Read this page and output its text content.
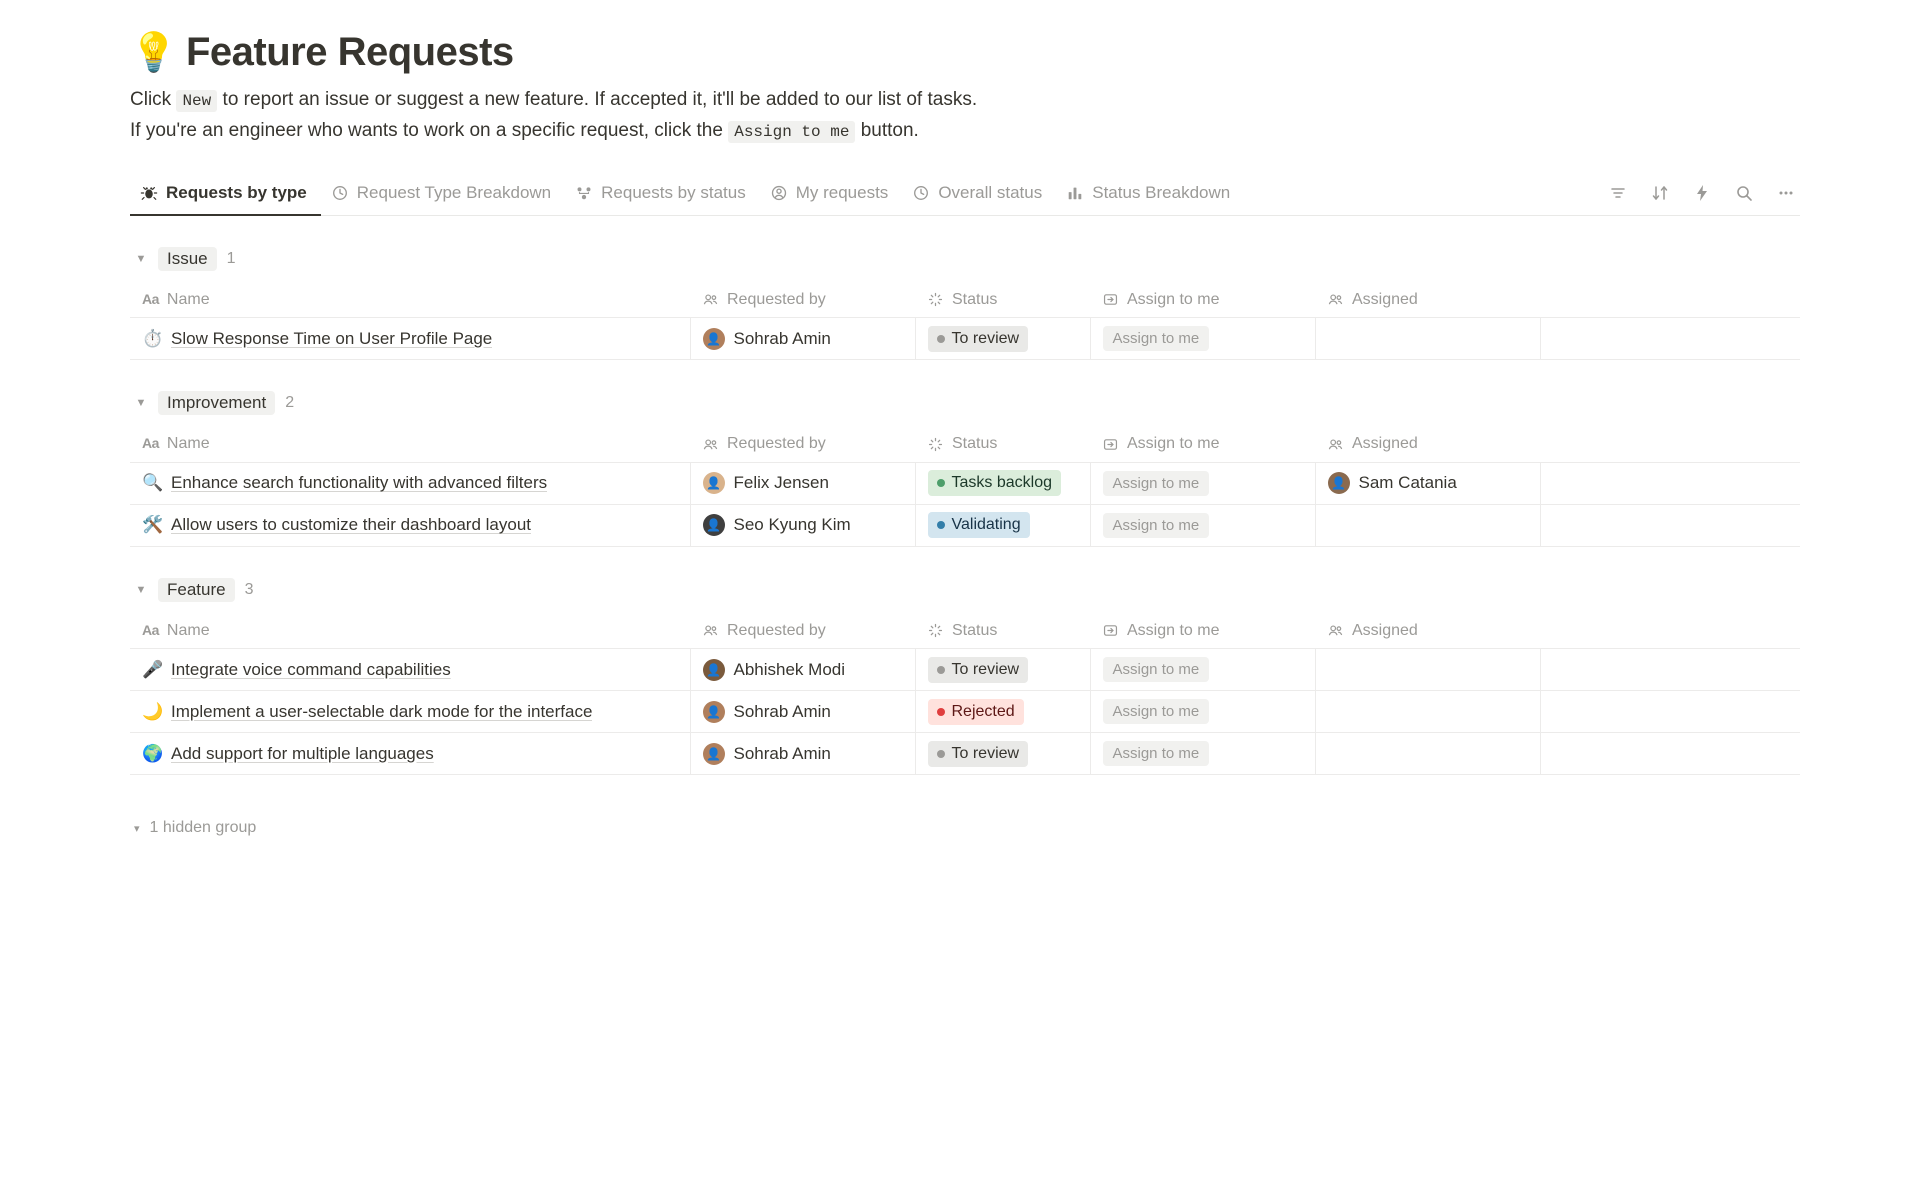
💡 Feature Requests

Click New to report an issue or suggest a new feature. If accepted it, it'll be added to our list of tasks.

If you're an engineer who wants to work on a specific request, click the Assign to me button.

Requests by type	Request Type Breakdown	Requests by status	My requests	Overall status	Status Breakdown
▼	Issue	1
Aa Name	Requested by	Status	Assign to me	Assigned	

⏱️ Slow Response Time on User Profile Page	👤 Sohrab Amin	To review	Assign to me		
▼	Improvement	2
Aa Name	Requested by	Status	Assign to me	Assigned	

🔍 Enhance search functionality with advanced filters	👤 Felix Jensen	Tasks backlog	Assign to me	👤 Sam Catania	

🛠️ Allow users to customize their dashboard layout	👤 Seo Kyung Kim	Validating	Assign to me		
▼	Feature	3
Aa Name	Requested by	Status	Assign to me	Assigned	

🎤 Integrate voice command capabilities	👤 Abhishek Modi	To review	Assign to me		

🌙 Implement a user-selectable dark mode for the interface	👤 Sohrab Amin	Rejected	Assign to me		

🌍 Add support for multiple languages	👤 Sohrab Amin	To review	Assign to me		
▾ 1 hidden group
